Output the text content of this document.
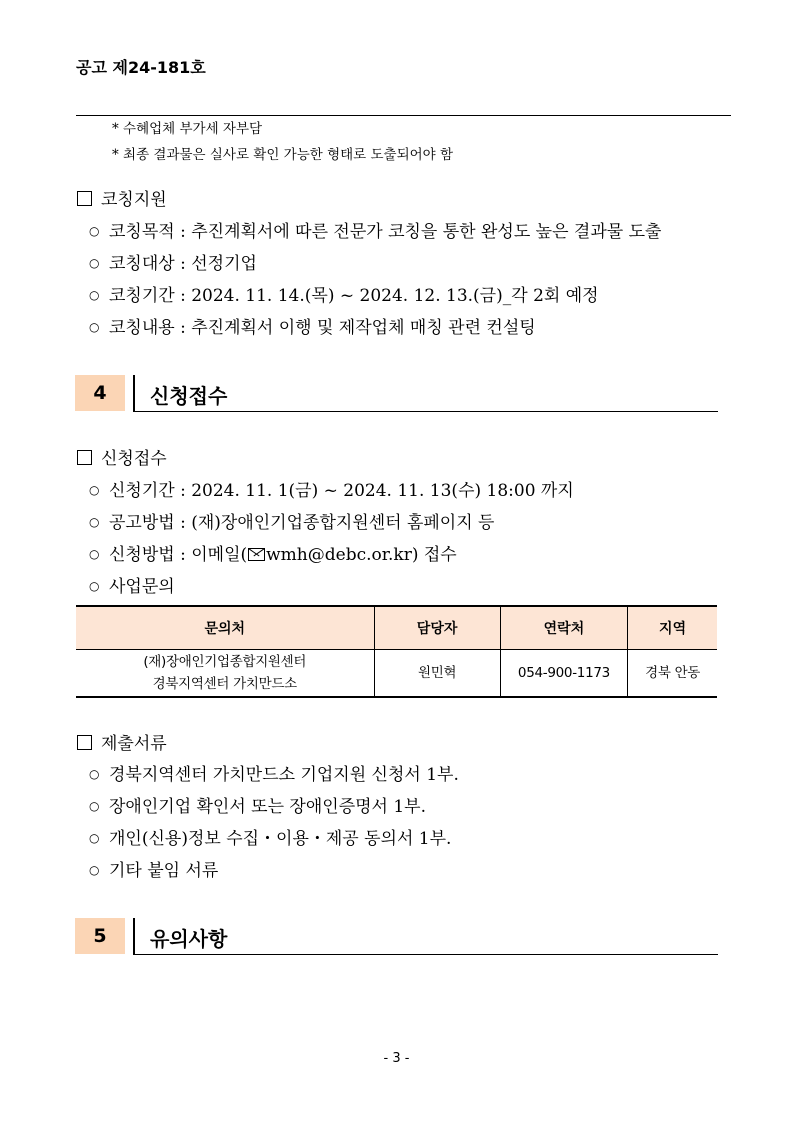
공고 제24-181호
* 수혜업체 부가세 자부담
* 최종 결과물은 실사로 확인 가능한 형태로 도출되어야 함
코칭지원
○ 코칭목적 : 추진계획서에 따른 전문가 코칭을 통한 완성도 높은 결과물 도출
○ 코칭대상 : 선정기업
○ 코칭기간 : 2024. 11. 14.(목) ~ 2024. 12. 13.(금)_각 2회 예정
○ 코칭내용 : 추진계획서 이행 및 제작업체 매칭 관련 컨설팅
4	신청접수
신청접수
○ 신청기간 : 2024. 11. 1(금) ~ 2024. 11. 13(수) 18:00 까지
○ 공고방법 : (재)장애인기업종합지원센터 홈페이지 등
○ 신청방법 : 이메일( wmh@debc.or.kr) 접수
○ 사업문의
문의처	담당자	연락처	지역

(재)장애인기업종합지원센터
경북지역센터 가치만드소	원민혁	054-900-1173	경북 안동
제출서류
○ 경북지역센터 가치만드소 기업지원 신청서 1부.
○ 장애인기업 확인서 또는 장애인증명서 1부.
○ 개인(신용)정보 수집・이용・제공 동의서 1부.
○ 기타 붙임 서류
5	유의사항
- 3 -
